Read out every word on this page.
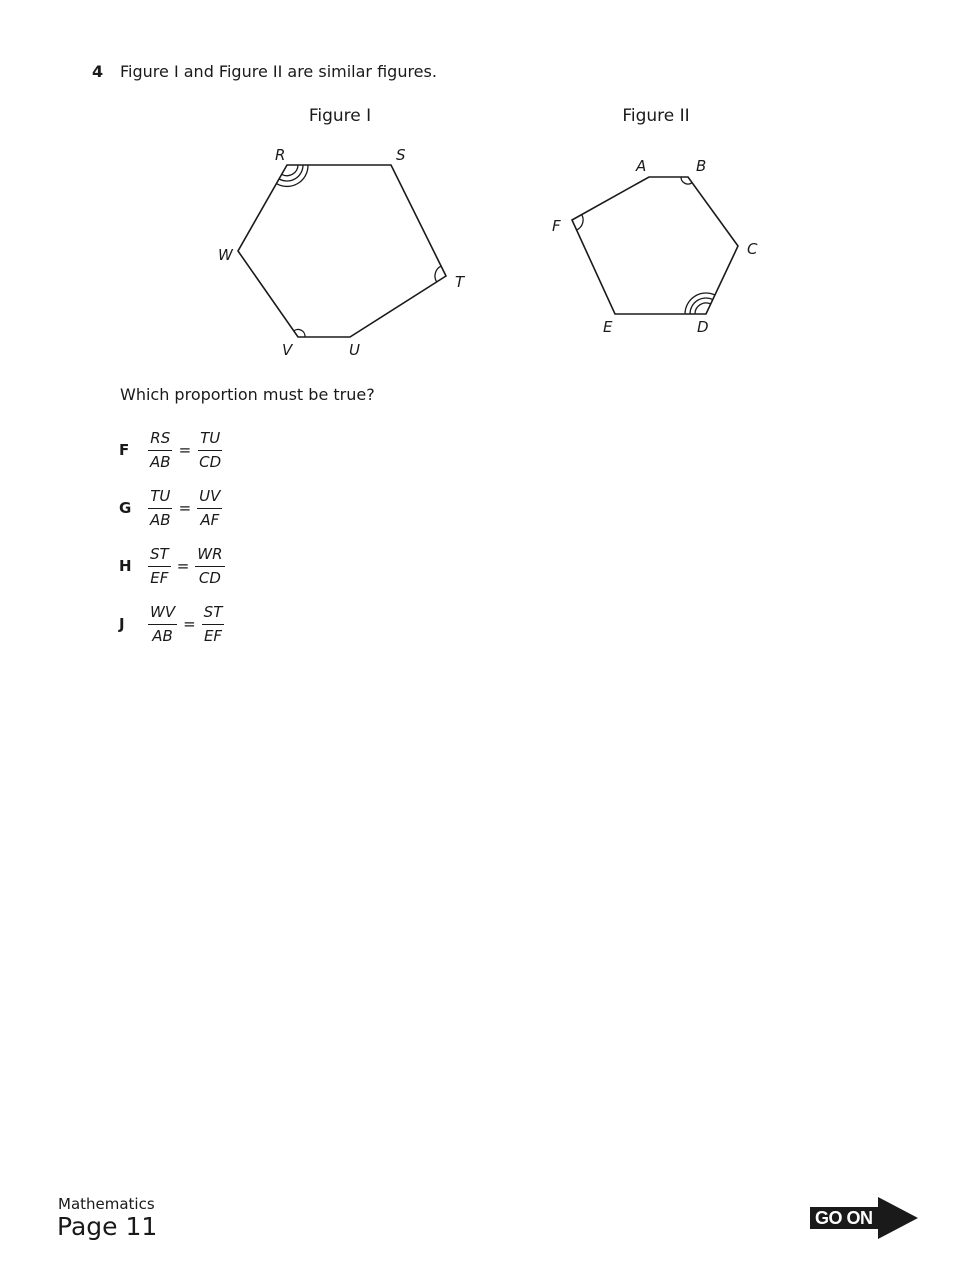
4 Figure I and Figure II are similar figures.
Figure I	Figure II
R	S
T
U
V
W
A	B
C
D
E
F
Which proportion must be true?
F	$\frac{RS}{AB} = \frac{TU}{CD}$
G	$\frac{TU}{AB} = \frac{UV}{AF}$
H	$\frac{ST}{EF} = \frac{WR}{CD}$
J	$\frac{WV}{AB} = \frac{ST}{EF}$
Mathematics
Page 11	GO ON
